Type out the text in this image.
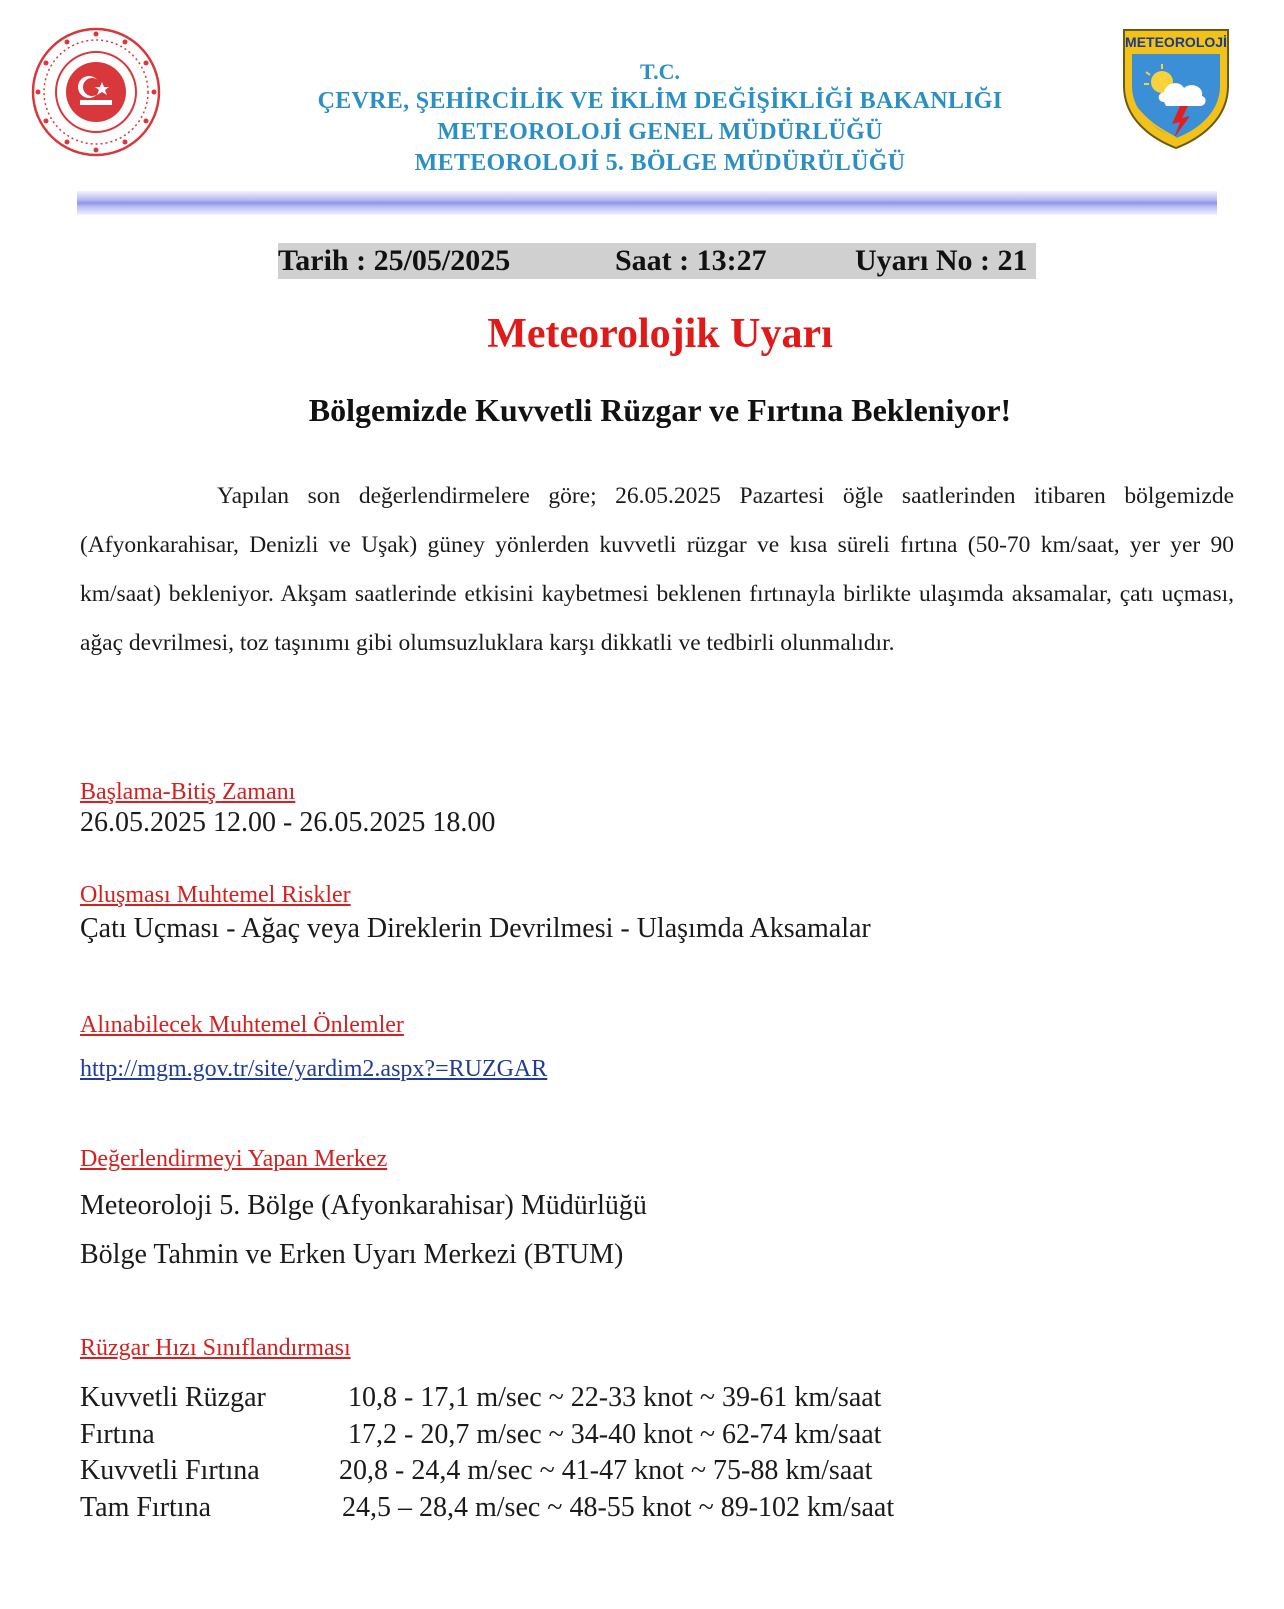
T.C.
ÇEVRE, ŞEHİRCİLİK VE İKLİM DEĞİŞİKLİĞİ BAKANLIĞI
METEOROLOJİ GENEL MÜDÜRLÜĞÜ
METEOROLOJİ 5. BÖLGE MÜDÜRÜLÜĞÜ
METEOROLOJİ
Tarih : 25/05/2025	Saat : 13:27	Uyarı No : 21
Meteorolojik Uyarı
Bölgemizde Kuvvetli Rüzgar ve Fırtına Bekleniyor!
Yapılan son değerlendirmelere göre; 26.05.2025 Pazartesi öğle saatlerinden itibaren bölgemizde (Afyonkarahisar, Denizli ve Uşak) güney yönlerden kuvvetli rüzgar ve kısa süreli fırtına (50-70 km/saat, yer yer 90 km/saat) bekleniyor. Akşam saatlerinde etkisini kaybetmesi beklenen fırtınayla birlikte ulaşımda aksamalar, çatı uçması, ağaç devrilmesi, toz taşınımı gibi olumsuzluklara karşı dikkatli ve tedbirli olunmalıdır.
Başlama-Bitiş Zamanı
26.05.2025 12.00 - 26.05.2025 18.00
Oluşması Muhtemel Riskler
Çatı Uçması - Ağaç veya Direklerin Devrilmesi - Ulaşımda Aksamalar
Alınabilecek Muhtemel Önlemler
http://mgm.gov.tr/site/yardim2.aspx?=RUZGAR
Değerlendirmeyi Yapan Merkez
Meteoroloji 5. Bölge (Afyonkarahisar) Müdürlüğü
Bölge Tahmin ve Erken Uyarı Merkezi (BTUM)
Rüzgar Hızı Sınıflandırması
Kuvvetli Rüzgar	10,8 - 17,1 m/sec ~ 22-33 knot ~ 39-61 km/saat
Fırtına	17,2 - 20,7 m/sec ~ 34-40 knot ~ 62-74 km/saat
Kuvvetli Fırtına	20,8 - 24,4 m/sec ~ 41-47 knot ~ 75-88 km/saat
Tam Fırtına	24,5 – 28,4 m/sec ~ 48-55 knot ~ 89-102 km/saat
